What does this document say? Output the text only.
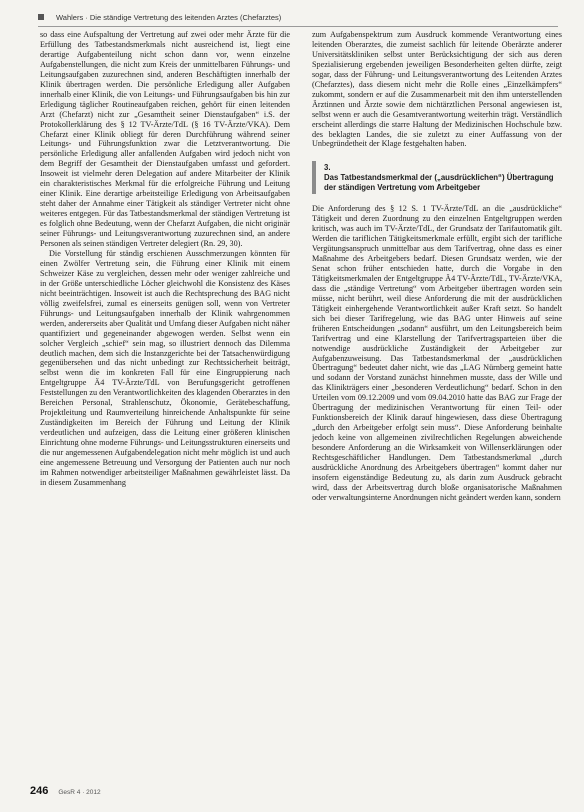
Wahlers · Die ständige Vertretung des leitenden Arztes (Chefarztes)

so dass eine Aufspaltung der Vertretung auf zwei oder mehr Ärzte für die Erfüllung des Tatbestandsmerkmals nicht ausreichend ist, liegt eine derartige Aufgabenteilung nicht schon dann vor, wenn einzelne Aufgabenstellungen, die nicht zum Kreis der unmittelbaren Führungs- und Leitungsaufgaben zuzurechnen sind, anderen Beschäftigten innerhalb der Klinik übertragen werden. Die persönliche Erledigung aller Aufgaben innerhalb einer Klinik, die von Leitungs- und Führungsaufgaben bis hin zur Erledigung täglicher Routineaufgaben reichen, gehört für einen leitenden Arzt (Chefarzt) nicht zur „Gesamtheit seiner Dienstaufgaben“ i.S. der Protokollerklärung des § 12 TV-Ärzte/TdL (§ 16 TV-Ärzte/VKA). Dem Chefarzt einer Klinik obliegt für deren Durchführung während seiner Leitungs- und Führungsfunktion zwar die Letztverantwortung. Die persönliche Erledigung aller anfallenden Aufgaben wird jedoch nicht von dem Begriff der Gesamtheit der Dienstaufgaben umfasst und gefordert. Insoweit ist vielmehr deren Delegation auf andere Mitarbeiter der Klinik ein charakteristisches Merkmal für die erfolgreiche Führung und Leitung einer Klinik. Eine derartige arbeitsteilige Erledigung von Arbeitsaufgaben steht daher der Annahme einer Tätigkeit als ständiger Vertreter nicht ohne weiteres entgegen. Für das Tatbestandsmerkmal der ständigen Vertretung ist es folglich ohne Bedeutung, wenn der Chefarzt Aufgaben, die nicht originär seiner Führungs- und Leitungsverantwortung zuzurechnen sind, an andere Personen als seinen ständigen Vertreter delegiert (Rn. 29, 30).

Die Vorstellung für ständig erschienen Ausschmerzungen könnten für einen Zwölfer Vertretung sein, die Führung einer Klinik mit einem Schweizer Käse zu vergleichen, dessen mehr oder weniger zahlreiche und in der Größe unterschiedliche Löcher gleichwohl die Konsistenz des Käses nicht beeinträchtigen. Insoweit ist auch die Rechtsprechung des BAG nicht völlig zweifelsfrei, zumal es einerseits genügen soll, wenn von Vertreter Führungs- und Leitungsaufgaben innerhalb der Klinik wahrgenommen werden, andererseits aber Qualität und Umfang dieser Aufgaben nicht näher quantifiziert und gegeneinander abgewogen werden. Selbst wenn ein solcher Vergleich „schief“ sein mag, so illustriert dennoch das Dilemma deutlich machen, dem sich die Instanzgerichte bei der Tatsachenwürdigung gegenübersehen und das nicht unbedingt zur Rechtssicherheit beiträgt, selbst wenn die im konkreten Fall für eine Eingruppierung nach Entgeltgruppe Ä4 TV-Ärzte/TdL von Berufungsgericht getroffenen Feststellungen zu den Verantwortlichkeiten des klagenden Oberarztes in den Bereichen Personal, Strahlenschutz, Ökonomie, Gerätebeschaffung, Projektleitung und Raumverteilung hinreichende Anhaltspunkte für seine Zuständigkeiten im Bereich der Führung und Leitung der Klinik verdeutlichen und aufzeigen, dass die Leitung einer größeren klinischen Einrichtung ohne moderne Führungs- und Leitungsstrukturen einerseits und die nur angemessenen Aufgabendelegation nicht mehr möglich ist und auch eine angemessene Betreuung und Versorgung der Patienten auch nur noch im Rahmen notwendiger arbeitsteiliger Maßnahmen gewährleistet lässt. Da in diesem Zusammenhang

zum Aufgabenspektrum zum Ausdruck kommende Verantwortung eines leitenden Oberarztes, die zumeist sachlich für leitende Oberärzte anderer Universitätskliniken selbst unter Berücksichtigung der sich aus deren Spezialisierung ergebenden jeweiligen Besonderheiten gelten dürfte, zeigt sogar, dass der Führung- und Leitungsverantwortung des Leitenden Arztes (Chefarztes), dass diesem nicht mehr die Rolle eines „Einzelkämpfers“ zukommt, sondern er auf die Zusammenarbeit mit den ihm unterstellenden Ärztinnen und Ärzte sowie dem nichtärztlichen Personal angewiesen ist, selbst wenn er auch die Gesamtverantwortung weiterhin trägt. Verständlich erscheint allerdings die starre Haltung der Medizinischen Hochschule bzw. des beklagten Landes, die sie zuletzt zu einer Auffassung von der Unbegründetheit der Klage festgehalten haben.

3.
Das Tatbestandsmerkmal der („ausdrücklichen“) Übertragung der ständigen Vertretung vom Arbeitgeber

Die Anforderung des § 12 S. 1 TV-Ärzte/TdL an die „ausdrückliche“ Tätigkeit und deren Zuordnung zu den einzelnen Entgeltgruppen werden kritisch, was auch im TV-Ärzte/TdL, der Grundsatz der Tarifautomatik gilt. Werden die tariflichen Tätigkeitsmerkmale erfüllt, ergibt sich der tarifliche Vergütungsanspruch unmittelbar aus dem Tarifvertrag, ohne dass es einer Maßnahme des Arbeitgebers bedarf. Diesen Grundsatz werden, wie der Senat schon früher entschieden hatte, durch die Vorgabe in den Tätigkeitsmerkmalen der Entgeltgruppe Ä4 TV-Ärzte/TdL, TV-Ärzte/VKA, dass die „ständige Vertretung“ vom Arbeitgeber übertragen worden sein müsse, nicht berührt, weil diese Anforderung die mit der ausdrücklichen Tätigkeit einhergehende Verantwortlichkeit außer Kraft setzt. So handelt sich bei dieser Tarifregelung, wie das BAG unter Hinweis auf seine früheren Entscheidungen „sodann“ ausführt, um den Leitungsbereich beim Tarifvertrag und eine Klarstellung der Tarifvertragsparteien über die notwendige ausdrückliche Zuständigkeit der Arbeitgeber zur Aufgabenzuweisung. Das Tatbestandsmerkmal der „ausdrücklichen Übertragung“ bedeutet daher nicht, wie das „LAG Nürnberg gemeint hatte und sodann der Vorstand zunächst hinnehmen musste, dass der Wille und das Klinikträgers einer „besonderen Verdeutlichung“ bedarf. Schon in den Urteilen vom 09.12.2009 und vom 09.04.2010 hatte das BAG zur Frage der Übertragung der medizinischen Verantwortung für einen Teil- oder Funktionsbereich der Klinik darauf hingewiesen, dass diese Übertragung „durch den Arbeitgeber erfolgt sein muss“. Diese Anforderung beinhalte jedoch keine von allgemeinen zivilrechtlichen Regelungen abweichende besondere Anforderung an die Wirksamkeit von Willenserklärungen oder Rechtsgeschäftlicher Handlungen. Dem Tatbestandsmerkmal „durch ausdrückliche Anordnung des Arbeitgebers übertragen“ kommt daher nur insofern eigenständige Bedeutung zu, als darin zum Ausdruck gebracht wird, dass der Arbeitsvertrag durch bloße organisatorische Maßnahmen oder verwaltungsinterne Anordnungen nicht geändert werden kann, sondern

246 GesR 4 · 2012
